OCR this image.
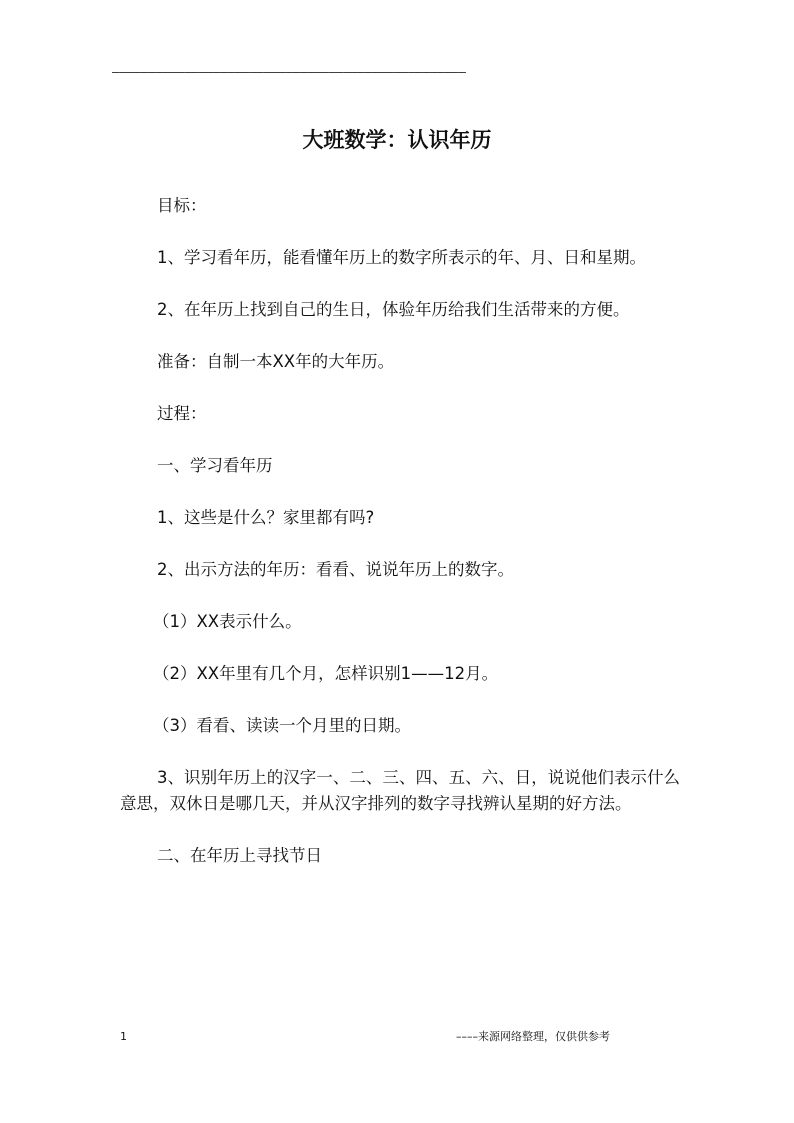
–––––––––––––––––––––––––––––––––––––––––––––––––
大班数学：认识年历

目标：

1、学习看年历，能看懂年历上的数字所表示的年、月、日和星期。

2、在年历上找到自己的生日，体验年历给我们生活带来的方便。

准备：自制一本XX年的大年历。

过程：

一、学习看年历

1、这些是什么？家里都有吗?

2、出示方法的年历：看看、说说年历上的数字。

（1）XX表示什么。

（2）XX年里有几个月，怎样识别1——12月。

（3）看看、读读一个月里的日期。

3、识别年历上的汉字一、二、三、四、五、六、日，说说他们表示什么意思，双休日是哪几天，并从汉字排列的数字寻找辨认星期的好方法。

二、在年历上寻找节日

1	––––来源网络整理，仅供供参考
